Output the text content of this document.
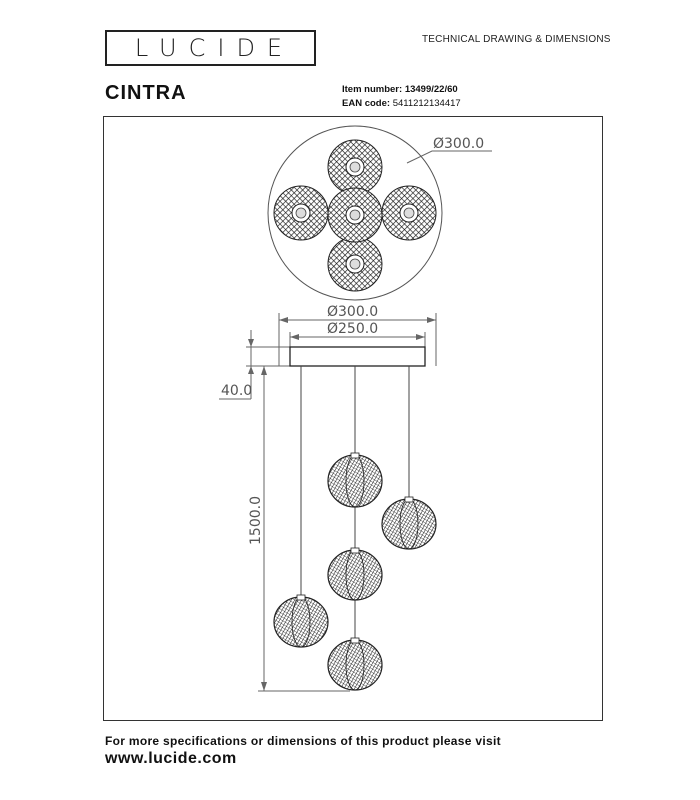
LUCIDE	TECHNICAL DRAWING & DIMENSIONS
CINTRA	Item number: 13499/22/60
EAN code: 5411212134417
Ø300.0
Ø300.0
Ø250.0
40.0
1500.0
For more specifications or dimensions of this product please visit
www.lucide.com
